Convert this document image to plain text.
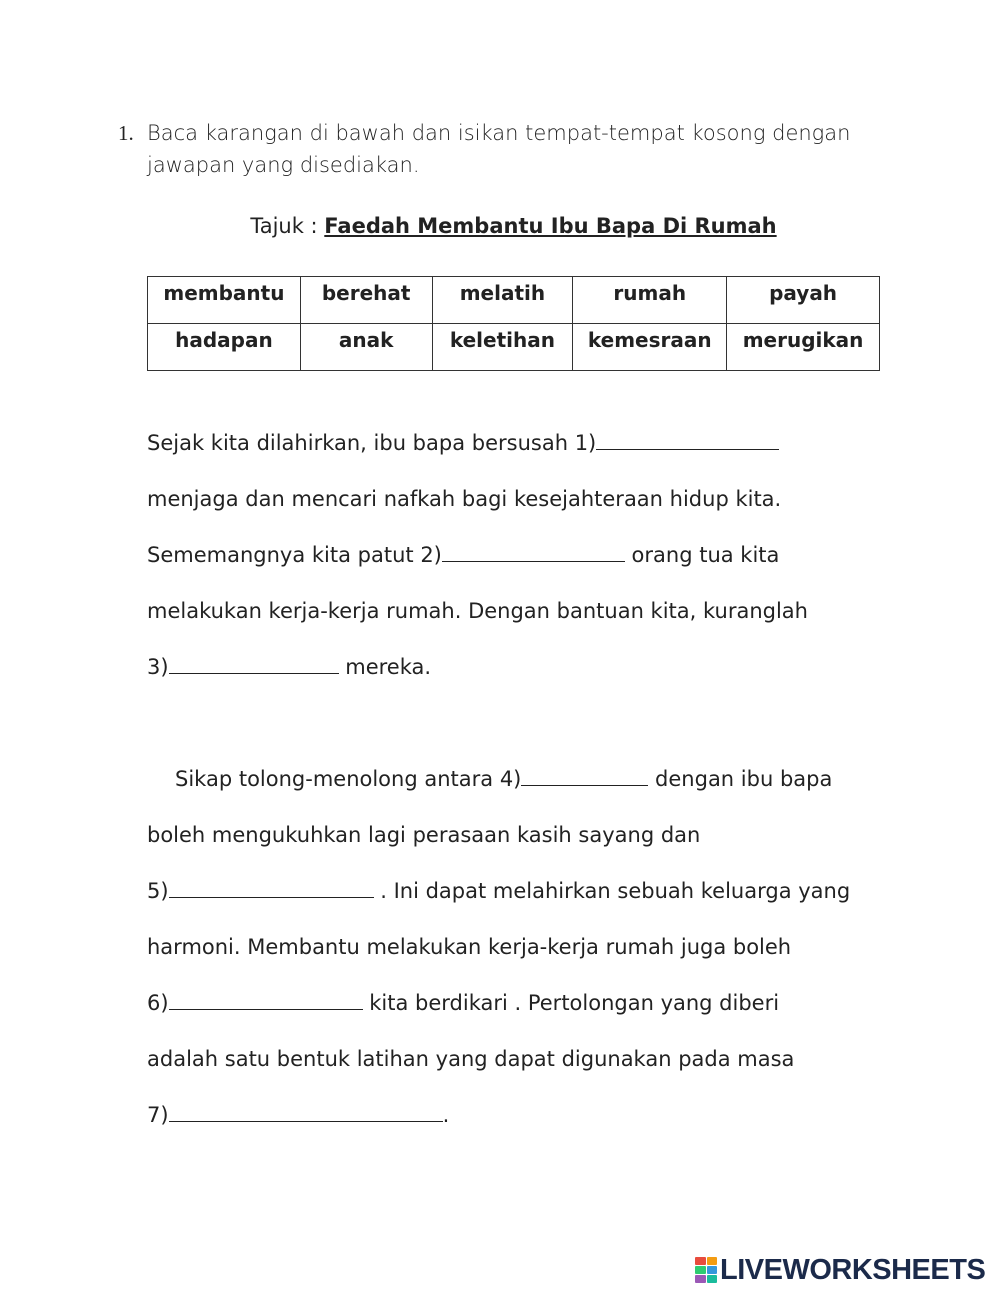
1. Baca karangan di bawah dan isikan tempat-tempat kosong dengan jawapan yang disediakan.
Tajuk : Faedah Membantu Ibu Bapa Di Rumah
membantu	berehat	melatih	rumah	payah
hadapan	anak	keletihan	kemesraan	merugikan
Sejak kita dilahirkan, ibu bapa bersusah 1)
menjaga dan mencari nafkah bagi kesejahteraan hidup kita.
Sememangnya kita patut 2)	orang tua kita
melakukan kerja-kerja rumah. Dengan bantuan kita, kuranglah
3)	mereka.
Sikap tolong-menolong antara 4)	dengan ibu bapa
boleh mengukuhkan lagi perasaan kasih sayang dan
5)	. Ini dapat melahirkan sebuah keluarga yang
harmoni. Membantu melakukan kerja-kerja rumah juga boleh
6)	kita berdikari . Pertolongan yang diberi
adalah satu bentuk latihan yang dapat digunakan pada masa
7)	.
LIVEWORKSHEETS
